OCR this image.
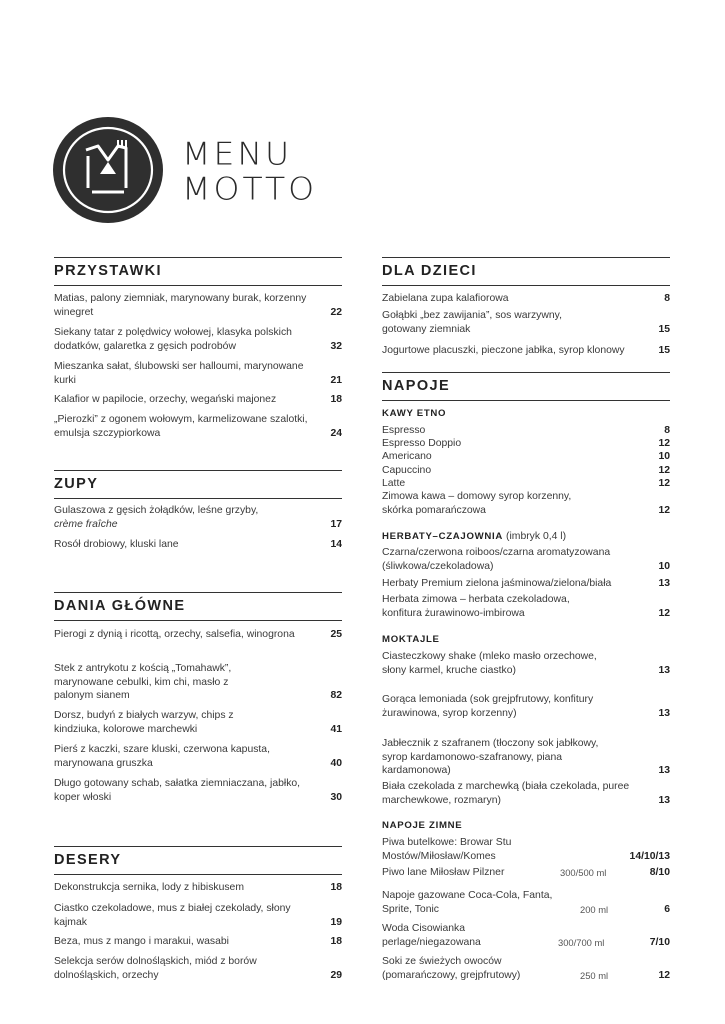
MENU
MOTTO
PRZYSTAWKI
Matias, palony ziemniak, marynowany burak, korzenny winegret	22
Siekany tatar z polędwicy wołowej, klasyka polskich dodatków, galaretka z gęsich podrobów	32
Mieszanka sałat, ślubowski ser halloumi, marynowane kurki	21
Kalafior w papilocie, orzechy, wegański majonez	18
„Pierozki” z ogonem wołowym, karmelizowane szalotki, emulsja szczypiorkowa	24
ZUPY
Gulaszowa z gęsich żołądków, leśne grzyby,
crème fraîche	17
Rosół drobiowy, kluski lane	14
DANIA GŁÓWNE
Pierogi z dynią i ricottą, orzechy, salsefia, winogrona	25
Stek z antrykotu z kością „Tomahawk”, marynowane cebulki, kim chi, masło z palonym sianem	82
Dorsz, budyń z białych warzyw, chips z kindziuka, kolorowe marchewki	41
Pierś z kaczki, szare kluski, czerwona kapusta, marynowana gruszka	40
Długo gotowany schab, sałatka ziemniaczana, jabłko, koper włoski	30
DESERY
Dekonstrukcja sernika, lody z hibiskusem	18
Ciastko czekoladowe, mus z białej czekolady, słony kajmak	19
Beza, mus z mango i marakui, wasabi	18
Selekcja serów dolnośląskich, miód z borów dolnośląskich, orzechy	29
DLA DZIECI
Zabielana zupa kalafiorowa	8
Gołąbki „bez zawijania”, sos warzywny, gotowany ziemniak	15
Jogurtowe placuszki, pieczone jabłka, syrop klonowy	15
NAPOJE
KAWY ETNO
Espresso	8
Espresso Doppio	12
Americano	10
Capuccino	12
Latte	12
Zimowa kawa – domowy syrop korzenny, skórka pomarańczowa	12
HERBATY–CZAJOWNIA (imbryk 0,4 l)
Czarna/czerwona roiboos/czarna aromatyzowana (śliwkowa/czekoladowa)	10
Herbaty Premium zielona jaśminowa/zielona/biała	13
Herbata zimowa – herbata czekoladowa, konfitura żurawinowo-imbirowa	12
MOKTAJLE
Ciasteczkowy shake (mleko masło orzechowe, słony karmel, kruche ciastko)	13
Gorąca lemoniada (sok grejpfrutowy, konfitury żurawinowa, syrop korzenny)	13
Jabłecznik z szafranem (tłoczony sok jabłkowy, syrop kardamonowo-szafranowy, piana kardamonowa)	13
Biała czekolada z marchewką (biała czekolada, puree marchewkowe, rozmaryn)	13
NAPOJE ZIMNE
Piwa butelkowe: Browar Stu Mostów/Miłosław/Komes	14/10/13
Piwo lane Miłosław Pilzner	300/500 ml	8/10
Napoje gazowane Coca-Cola, Fanta, Sprite, Tonic	200 ml	6
Woda Cisowianka perlage/niegazowana	300/700 ml	7/10
Soki ze świeżych owoców (pomarańczowy, grejpfrutowy)	250 ml	12
